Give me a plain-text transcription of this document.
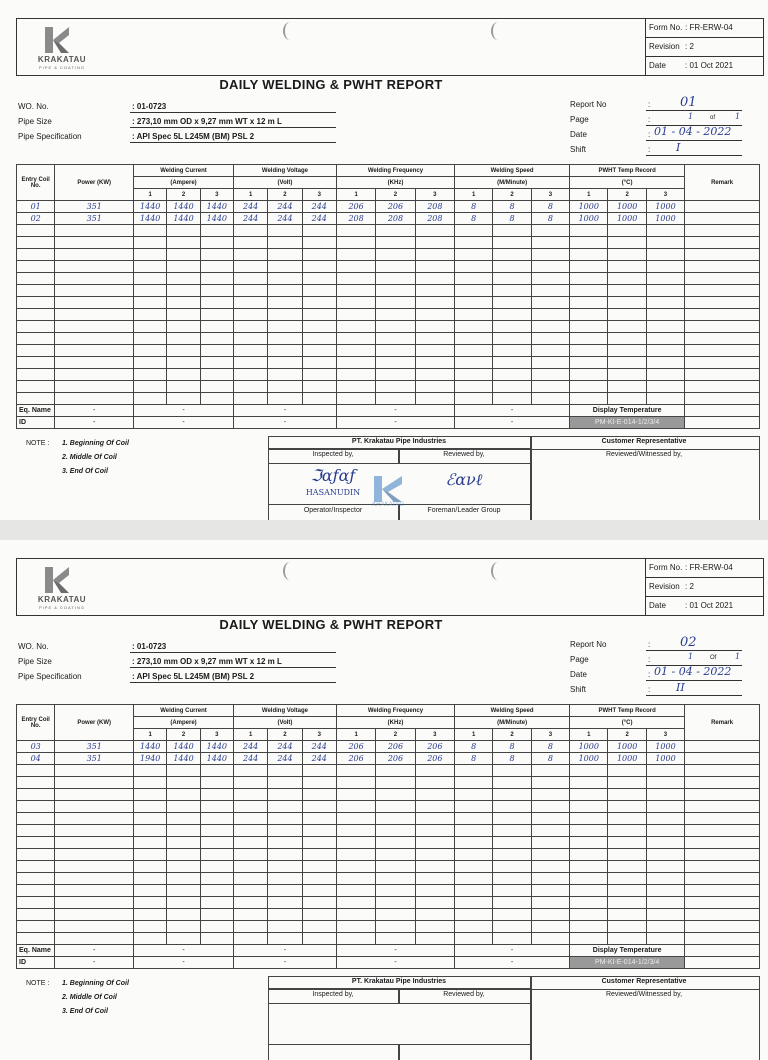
KRAKATAU
PIPE & COATING
Form No. : FR-ERW-04
Revision : 2
Date : 01 Oct 2021
DAILY WELDING & PWHT REPORT
WO. No.	: 01-0723
Pipe Size	: 273,10 mm OD x 9,27 mm WT x 12 m L
Pipe Specification	: API Spec 5L L245M (BM) PSL 2
Report No	: 01
Page	:	1	of 1
Date	: 01 - 04 - 2022
Shift	: I
Entry Coil No.	Power (KW)	Welding Current			Welding Voltage			Welding Frequency			Welding Speed			PWHT Temp Record			Remark
		(Ampere)			(Volt)			(KHz)			(M/Minute)			(°C)			
		1	2	3	1	2	3	1	2	3	1	2	3	1	2	3	
01	351	1440	1440	1440	244	244	244	206	206	208	8	8	8	1000	1000	1000	
02	351	1440	1440	1440	244	244	244	208	208	208	8	8	8	1000	1000	1000	

Eq. Name	-	-			-			-			-			Display Temperature			
ID	-	-			-			-			-			PM-KI-E-014-1/2/3/4			
NOTE : 1. Beginning Of Coil
2. Middle Of Coil
3. End Of Coil
PT. Krakatau Pipe Industries	Customer Representative
Inspected by,	Reviewed by,	Reviewed/Witnessed by,
ℑαƒαƒ
HASANUDIN
ℰανℓ
Operator/Inspector	Foreman/Leader Group
KRAKATAU
KRAKATAU
PIPE & COATING
Form No. : FR-ERW-04
Revision : 2
Date : 01 Oct 2021
DAILY WELDING & PWHT REPORT
WO. No.	: 01-0723
Pipe Size	: 273,10 mm OD x 9,27 mm WT x 12 m L
Pipe Specification	: API Spec 5L L245M (BM) PSL 2
Report No	: 02
Page	:	1	Of 1
Date	: 01 - 04 - 2022
Shift	: II
Entry Coil No.	Power (KW)	Welding Current			Welding Voltage			Welding Frequency			Welding Speed			PWHT Temp Record			Remark
		(Ampere)			(Volt)			(KHz)			(M/Minute)			(°C)			
		1	2	3	1	2	3	1	2	3	1	2	3	1	2	3	
03	351	1440	1440	1440	244	244	244	206	206	206	8	8	8	1000	1000	1000	
04	351	1940	1440	1440	244	244	244	206	206	206	8	8	8	1000	1000	1000	

Eq. Name	-	-			-			-			-			Display Temperature			
ID	-	-			-			-			-			PM-KI-E-014-1/2/3/4			
NOTE : 1. Beginning Of Coil
2. Middle Of Coil
3. End Of Coil
PT. Krakatau Pipe Industries	Customer Representative
Inspected by,	Reviewed by,	Reviewed/Witnessed by,
